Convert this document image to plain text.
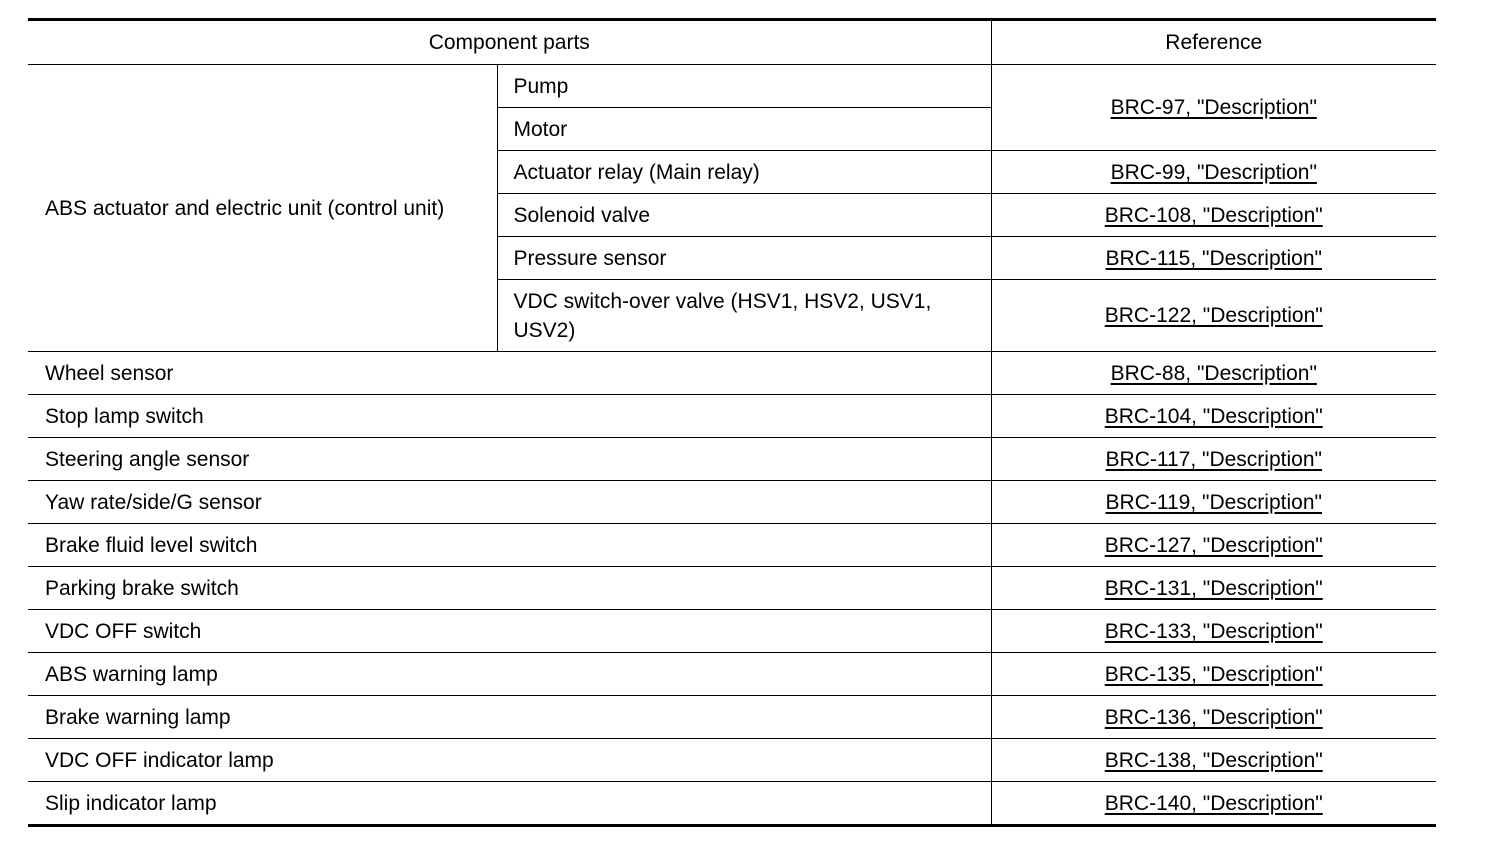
Component parts		Reference
ABS actuator and electric unit (control unit)	Pump	BRC-97, "Description"
	Motor	
	Actuator relay (Main relay)	BRC-99, "Description"
	Solenoid valve	BRC-108, "Description"
	Pressure sensor	BRC-115, "Description"
	VDC switch-over valve (HSV1, HSV2, USV1, USV2)	BRC-122, "Description"
Wheel sensor		BRC-88, "Description"
Stop lamp switch		BRC-104, "Description"
Steering angle sensor		BRC-117, "Description"
Yaw rate/side/G sensor		BRC-119, "Description"
Brake fluid level switch		BRC-127, "Description"
Parking brake switch		BRC-131, "Description"
VDC OFF switch		BRC-133, "Description"
ABS warning lamp		BRC-135, "Description"
Brake warning lamp		BRC-136, "Description"
VDC OFF indicator lamp		BRC-138, "Description"
Slip indicator lamp		BRC-140, "Description"
